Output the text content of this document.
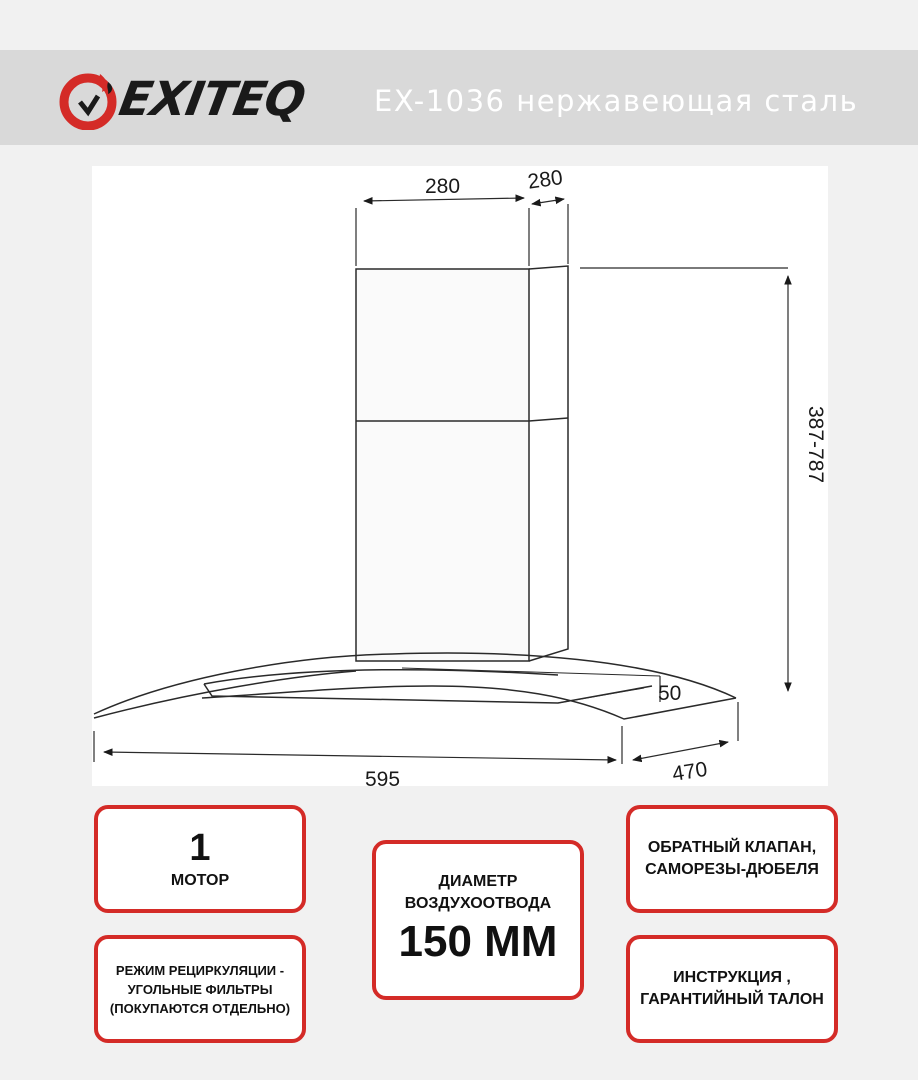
EXITEQ EX-1036 нержавеющая сталь
280	280
387-787
50
595	470
1
МОТОР
РЕЖИМ РЕЦИРКУЛЯЦИИ -
УГОЛЬНЫЕ ФИЛЬТРЫ
(ПОКУПАЮТСЯ ОТДЕЛЬНО)
ДИАМЕТР
ВОЗДУХООТВОДА
150 ММ
ОБРАТНЫЙ КЛАПАН,
САМОРЕЗЫ-ДЮБЕЛЯ
ИНСТРУКЦИЯ ,
ГАРАНТИЙНЫЙ ТАЛОН
